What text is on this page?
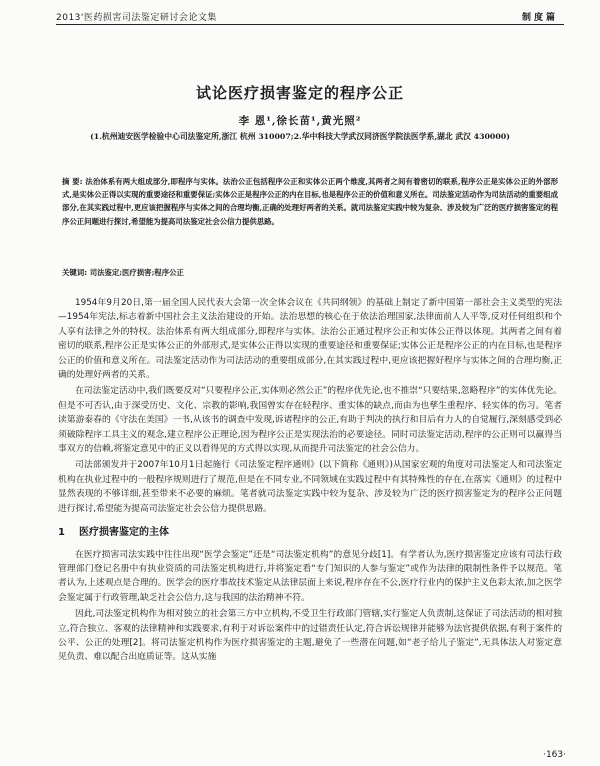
2013'医药损害司法鉴定研讨会论文集	制度篇
试论医疗损害鉴定的程序公正
李 恩¹,徐长苗¹,黄光照²
(1.杭州迪安医学检验中心司法鉴定所,浙江 杭州 310007;2.华中科技大学武汉同济医学院法医学系,湖北 武汉 430000)
摘 要: 法治体系有两大组成部分,即程序与实体。法治公正包括程序公正和实体公正两个维度,其两者之间有着密切的联系,程序公正是实体公正的外部形式,是实体公正得以实现的重要途径和重要保证;实体公正是程序公正的内在目标,也是程序公正的价值和意义所在。司法鉴定活动作为司法活动的重要组成部分,在其实践过程中,更应该把握程序与实体之间的合理均衡,正确的处理好两者的关系。就司法鉴定实践中较为复杂、涉及较为广泛的医疗损害鉴定的程序公正问题进行探讨,希望能为提高司法鉴定社会公信力提供思路。
关键词: 司法鉴定;医疗损害;程序公正

1954年9月20日,第一届全国人民代表大会第一次全体会议在《共同纲领》的基础上制定了新中国第一部社会主义类型的宪法—1954年宪法,标志着新中国社会主义法治建设的开始。法治思想的核心在于依法治理国家,法律面前人人平等,反对任何组织和个人享有法律之外的特权。法治体系有两大组成部分,即程序与实体。法治公正通过程序公正和实体公正得以体现。其两者之间有着密切的联系,程序公正是实体公正的外部形式,是实体公正得以实现的重要途径和重要保证;实体公正是程序公正的内在目标,也是程序公正的价值和意义所在。司法鉴定活动作为司法活动的重要组成部分,在其实践过程中,更应该把握好程序与实体之间的合理均衡,正确的处理好两者的关系。

在司法鉴定活动中,我们既要反对“只要程序公正,实体则必然公正”的程序优先论,也不推崇“只要结果,忽略程序”的实体优先论。但是不可否认,由于深受历史、文化、宗教的影响,我国曾实存在轻程序、重实体的缺点,而由为也孳生重程序、轻实体的伤习。笔者读第游泰春的《守法在美国》一书,从该书的调查中发现,诉诸程序的公正,有助于判决的执行和目后有力人的自觉履行,深刻感受到必须破除程序工具主义的观念,建立程序公正理论,因为程序公正是实现法治的必要途径。同时司法鉴定活动,程序的公正则可以赢得当事双方的信赖,将鉴定意见中的正义以看得见的方式得以实现,从而提升司法鉴定的社会公信力。

司法部颁发并于2007年10月1日起施行《司法鉴定程序通则》(以下简称《通则》)从国家宏观的角度对司法鉴定人和司法鉴定机构在执业过程中的一般程序规则进行了规范,但是在不同专业,不同领域在实践过程中有其特殊性的存在,在落实《通则》的过程中显然表现的不够详细,甚至带来不必要的麻烦。笔者就司法鉴定实践中较为复杂、涉及较为广泛的医疗损害鉴定为的程序公正问题进行探讨,希望能为提高司法鉴定社会公信力提供思路。

1 医疗损害鉴定的主体

在医疗损害司法实践中往往出现“医学会鉴定”还是“司法鉴定机构”的意见分歧[1]。有学者认为,医疗损害鉴定应该有司法行政管理部门登记名册中有执业资质的司法鉴定机构进行,并将鉴定看“专门知识的人参与鉴定”或作为法律的限制性条件予以规范。笔者认为,上述观点是合理的。医学会的医疗事故技术鉴定从法律层面上来说,程序存在不公,医疗行业内的保护主义色彩太浓,加之医学会鉴定属于行政管理,缺乏社会公信力,这与我国的法治精神不符。

因此,司法鉴定机构作为相对独立的社会第三方中立机构,不受卫生行政部门管辖,实行鉴定人负责制,这保证了司法活动的相对独立,符合独立、客观的法律精神和实践要求,有利于对诉讼案件中的过错责任认定,符合诉讼规律并能够为法官提供依据,有利于案件的公平、公正的处理[2]。将司法鉴定机构作为医疗损害鉴定的主题,避免了一些潜在问题,如“老子给儿子鉴定”,无具体法人对鉴定意见负责、难以配合出庭质证等。这从实施

·163·
